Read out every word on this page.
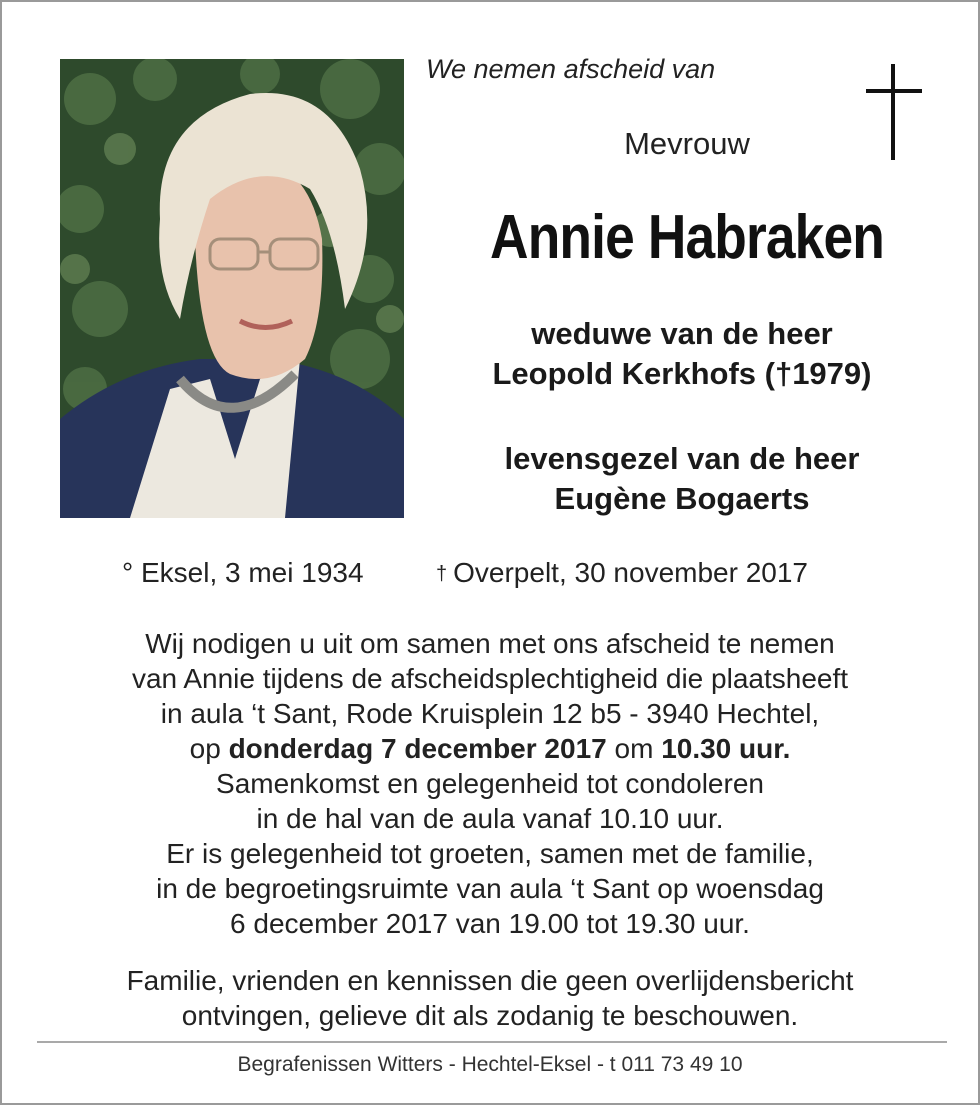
We nemen afscheid van
Mevrouw
Annie Habraken
weduwe van de heer
Leopold Kerkhofs (†1979)
levensgezel van de heer
Eugène Bogaerts
° Eksel, 3 mei 1934	† Overpelt, 30 november 2017

Wij nodigen u uit om samen met ons afscheid te nemen

van Annie tijdens de afscheidsplechtigheid die plaatsheeft

in aula ‘t Sant, Rode Kruisplein 12 b5 - 3940 Hechtel,

op donderdag 7 december 2017 om 10.30 uur.

Samenkomst en gelegenheid tot condoleren

in de hal van de aula vanaf 10.10 uur.

Er is gelegenheid tot groeten, samen met de familie,

in de begroetingsruimte van aula ‘t Sant op woensdag

6 december 2017 van 19.00 tot 19.30 uur.

Familie, vrienden en kennissen die geen overlijdensbericht

ontvingen, gelieve dit als zodanig te beschouwen.

Begrafenissen Witters - Hechtel-Eksel - t 011 73 49 10
